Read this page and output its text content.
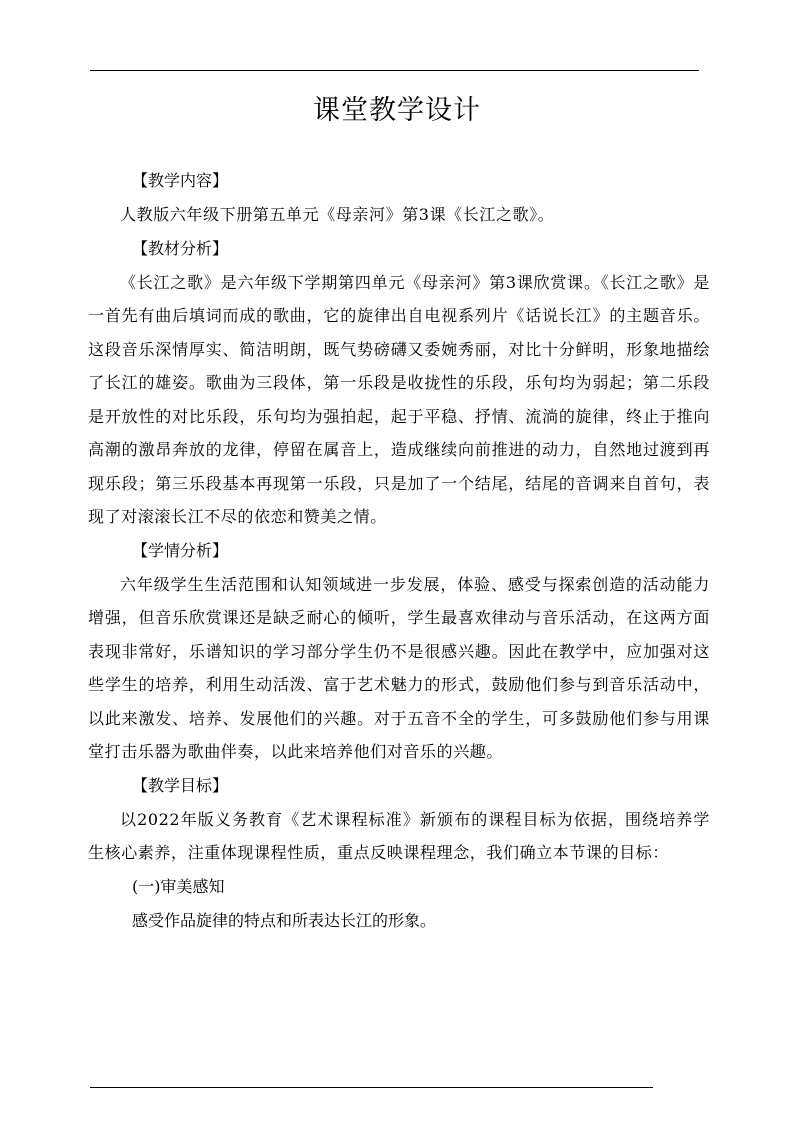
课堂教学设计

【教学内容】

人教版六年级下册第五单元《母亲河》第3课《长江之歌》。

【教材分析】

《长江之歌》是六年级下学期第四单元《母亲河》第3课欣赏课。《长江之歌》是一首先有曲后填词而成的歌曲，它的旋律出自电视系列片《话说长江》的主题音乐。这段音乐深情厚实、简洁明朗，既气势磅礴又委婉秀丽，对比十分鲜明，形象地描绘了长江的雄姿。歌曲为三段体，第一乐段是收拢性的乐段，乐句均为弱起；第二乐段是开放性的对比乐段，乐句均为强拍起，起于平稳、抒情、流淌的旋律，终止于推向高潮的激昂奔放的龙律，停留在属音上，造成继续向前推进的动力，自然地过渡到再现乐段；第三乐段基本再现第一乐段，只是加了一个结尾，结尾的音调来自首句，表现了对滚滚长江不尽的依恋和赞美之情。

【学情分析】

六年级学生生活范围和认知领域进一步发展，体验、感受与探索创造的活动能力增强，但音乐欣赏课还是缺乏耐心的倾听，学生最喜欢律动与音乐活动，在这两方面表现非常好，乐谱知识的学习部分学生仍不是很感兴趣。因此在教学中，应加强对这些学生的培养，利用生动活泼、富于艺术魅力的形式，鼓励他们参与到音乐活动中，以此来激发、培养、发展他们的兴趣。对于五音不全的学生，可多鼓励他们参与用课堂打击乐器为歌曲伴奏，以此来培养他们对音乐的兴趣。

【教学目标】

以2022年版义务教育《艺术课程标准》新颁布的课程目标为依据，围绕培养学生核心素养，注重体现课程性质，重点反映课程理念，我们确立本节课的目标：

(一)审美感知

感受作品旋律的特点和所表达长江的形象。
